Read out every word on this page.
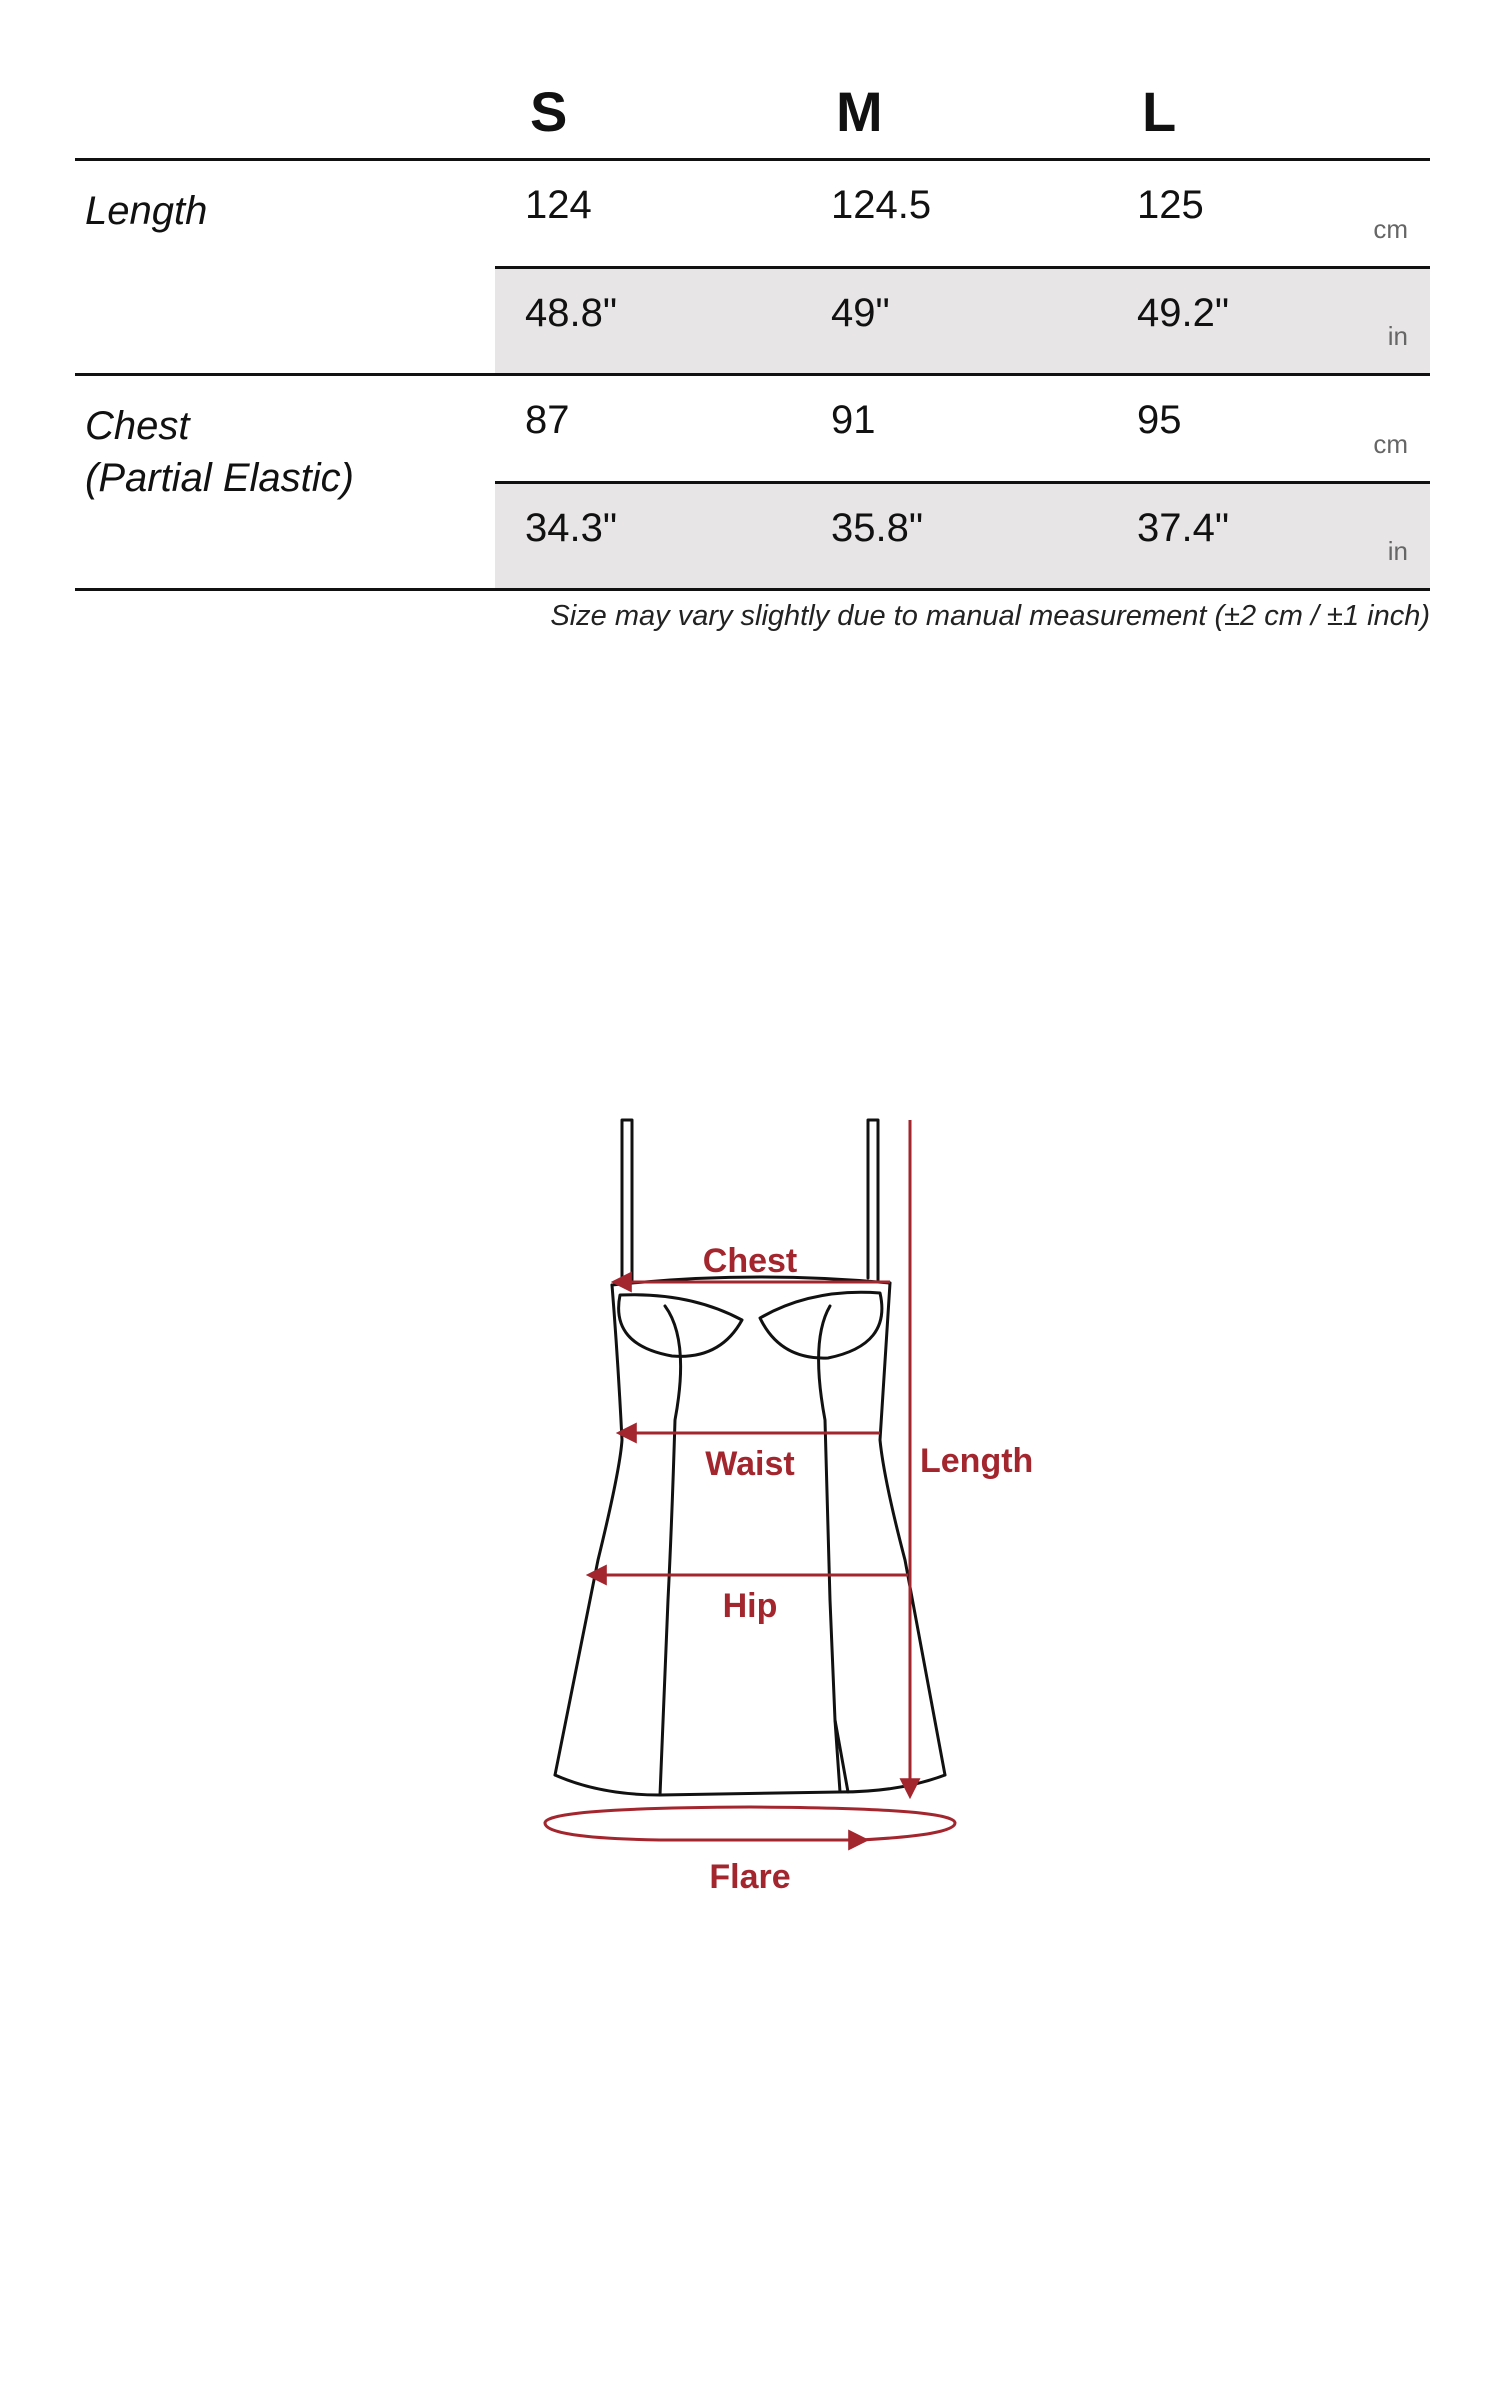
S	M	L
Length	124	124.5	125
cm
48.8"	49"	49.2"
in
Chest
(Partial Elastic)
87	91	95
cm
34.3"	35.8"	37.4"
in
Size may vary slightly due to manual measurement (±2 cm / ±1 inch)
Chest
Waist
Hip
Length
Flare
